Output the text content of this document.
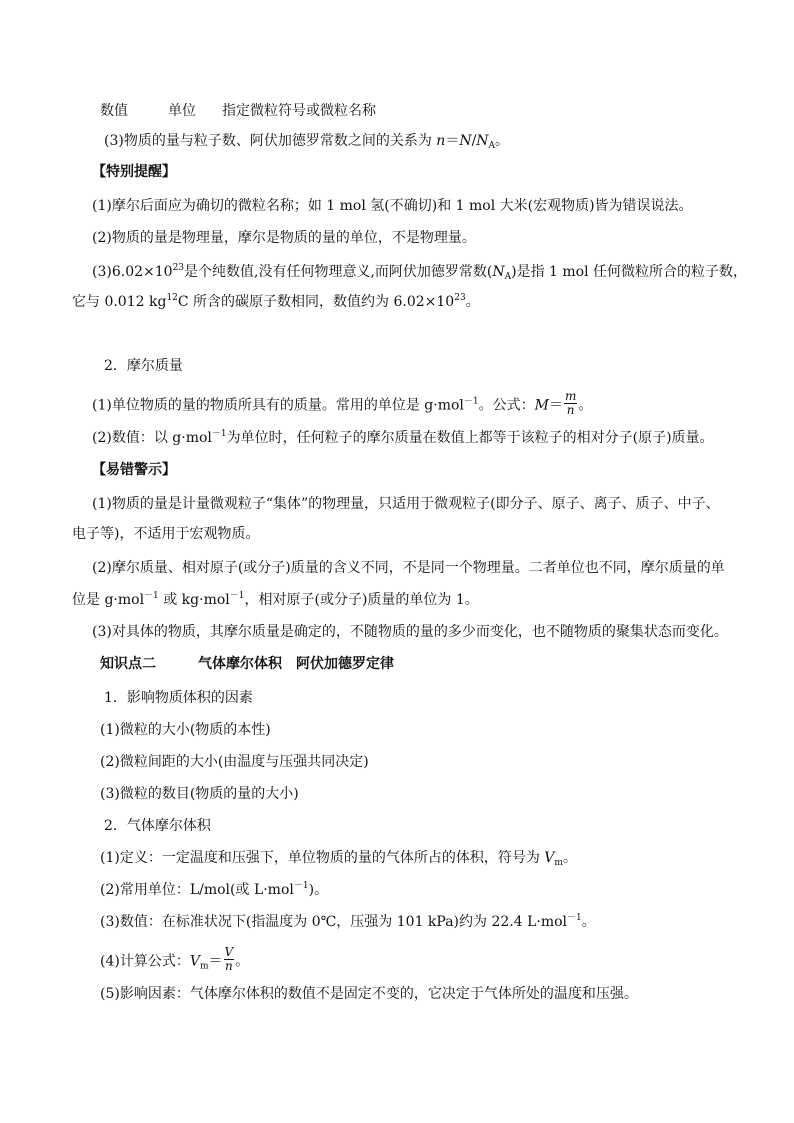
数值	单位 指定微粒符号或微粒名称
(3)物质的量与粒子数、阿伏加德罗常数之间的关系为 $n=N/N_A$。
【特别提醒】
(1)摩尔后面应为确切的微粒名称；如 1 mol 氢(不确切)和 1 mol 大米(宏观物质)皆为错误说法。
(2)物质的量是物理量，摩尔是物质的量的单位，不是物理量。
$(3)6.02\times 10^{23}$是个纯数值,没有任何物理意义,而阿伏加德罗常数$(N_A)$是指 1 mol 任何微粒所合的粒子数，
它与 0.012 $kg^{12}C$ 所含的碳原子数相同，数值约为 $6.02\times 10^{23}$。
2．摩尔质量
(1)单位物质的量的物质所具有的质量。常用的单位是 g·mol$^{-1}$。公式：$M= \frac{m}{n}$ 。
(2)数值：以 g·mol$^{-1}$为单位时，任何粒子的摩尔质量在数值上都等于该粒子的相对分子(原子)质量。
【易错警示】
(1)物质的量是计量微观粒子“集体”的物理量，只适用于微观粒子(即分子、原子、离子、质子、中子、
电子等)，不适用于宏观物质。
(2)摩尔质量、相对原子(或分子)质量的含义不同，不是同一个物理量。二者单位也不同，摩尔质量的单
位是 g·mol$^{-1}$ 或 kg·mol$^{-1}$，相对原子(或分子)质量的单位为 1。
(3)对具体的物质，其摩尔质量是确定的，不随物质的量的多少而变化，也不随物质的聚集状态而变化。
知识点二	气体摩尔体积　阿伏加德罗定律
1．影响物质体积的因素
(1)微粒的大小(物质的本性)
(2)微粒间距的大小(由温度与压强共同决定)
(3)微粒的数目(物质的量的大小)
2．气体摩尔体积
(1)定义：一定温度和压强下，单位物质的量的气体所占的体积，符号为 $V_m$。
(2)常用单位：L/mol(或 L·mol$^{-1}$)。
(3)数值：在标准状况下(指温度为 0℃，压强为 101 kPa)约为 22.4 L·mol$^{-1}$。
(4)计算公式：$V_m= \frac{V}{n}$ 。
(5)影响因素：气体摩尔体积的数值不是固定不变的，它决定于气体所处的温度和压强。
